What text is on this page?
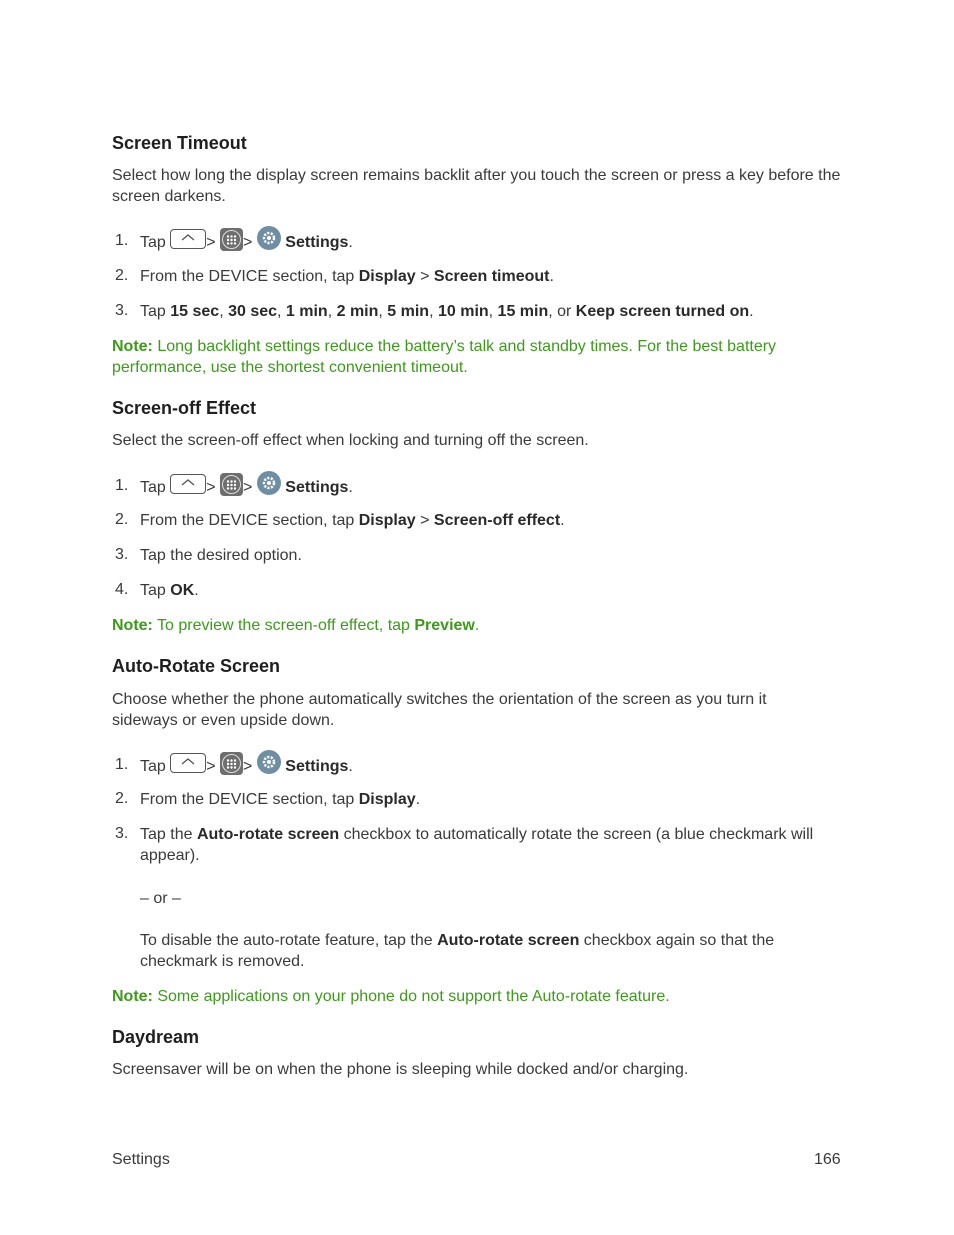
Screen Timeout
Select how long the display screen remains backlit after you touch the screen or press a key before the screen darkens.
1. Tap	> > Settings.
2. From the DEVICE section, tap Display > Screen timeout.
3. Tap 15 sec, 30 sec, 1 min, 2 min, 5 min, 10 min, 15 min, or Keep screen turned on.
Note: Long backlight settings reduce the battery’s talk and standby times. For the best battery performance, use the shortest convenient timeout.
Screen-off Effect
Select the screen-off effect when locking and turning off the screen.
1. Tap	> > Settings.
2. From the DEVICE section, tap Display > Screen-off effect.
3. Tap the desired option.
4. Tap OK.
Note: To preview the screen-off effect, tap Preview.
Auto-Rotate Screen
Choose whether the phone automatically switches the orientation of the screen as you turn it sideways or even upside down.
1. Tap	> > Settings.
2. From the DEVICE section, tap Display.
3. Tap the Auto-rotate screen checkbox to automatically rotate the screen (a blue checkmark will appear).
– or –
To disable the auto-rotate feature, tap the Auto-rotate screen checkbox again so that the checkmark is removed.
Note: Some applications on your phone do not support the Auto-rotate feature.
Daydream
Screensaver will be on when the phone is sleeping while docked and/or charging.
Settings	166
